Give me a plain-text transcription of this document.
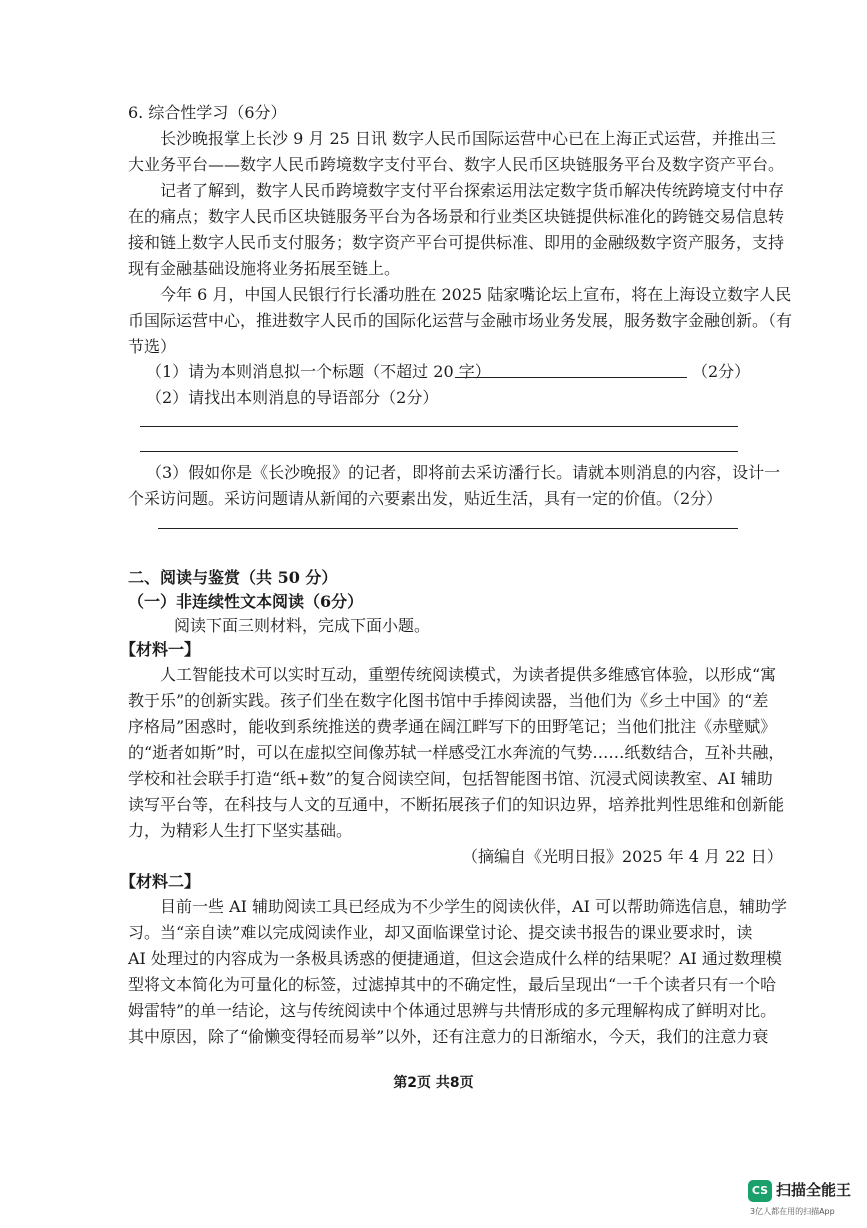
6. 综合性学习（6分）
长沙晚报掌上长沙 9 月 25 日讯 数字人民币国际运营中心已在上海正式运营，并推出三
大业务平台——数字人民币跨境数字支付平台、数字人民币区块链服务平台及数字资产平台。
记者了解到，数字人民币跨境数字支付平台探索运用法定数字货币解决传统跨境支付中存
在的痛点；数字人民币区块链服务平台为各场景和行业类区块链提供标准化的跨链交易信息转
接和链上数字人民币支付服务；数字资产平台可提供标准、即用的金融级数字资产服务，支持
现有金融基础设施将业务拓展至链上。
今年 6 月，中国人民银行行长潘功胜在 2025 陆家嘴论坛上宣布，将在上海设立数字人民
币国际运营中心，推进数字人民币的国际化运营与金融市场业务发展，服务数字金融创新。（有
节选）
（1）请为本则消息拟一个标题（不超过 20 字）	（2分）
（2）请找出本则消息的导语部分（2分）
（3）假如你是《长沙晚报》的记者，即将前去采访潘行长。请就本则消息的内容，设计一
个采访问题。采访问题请从新闻的六要素出发，贴近生活，具有一定的价值。（2分）
二、阅读与鉴赏（共 50 分）
（一）非连续性文本阅读（6分）
阅读下面三则材料，完成下面小题。
【材料一】
人工智能技术可以实时互动，重塑传统阅读模式，为读者提供多维感官体验，以形成“寓
教于乐”的创新实践。孩子们坐在数字化图书馆中手捧阅读器，当他们为《乡土中国》的“差
序格局”困惑时，能收到系统推送的费孝通在阔江畔写下的田野笔记；当他们批注《赤壁赋》
的“逝者如斯”时，可以在虚拟空间像苏轼一样感受江水奔流的气势……纸数结合，互补共融，
学校和社会联手打造“纸+数”的复合阅读空间，包括智能图书馆、沉浸式阅读教室、AI 辅助
读写平台等，在科技与人文的互通中，不断拓展孩子们的知识边界，培养批判性思维和创新能
力，为精彩人生打下坚实基础。
（摘编自《光明日报》2025 年 4 月 22 日）
【材料二】
目前一些 AI 辅助阅读工具已经成为不少学生的阅读伙伴，AI 可以帮助筛选信息，辅助学
习。当“亲自读”难以完成阅读作业，却又面临课堂讨论、提交读书报告的课业要求时，读
AI 处理过的内容成为一条极具诱惑的便捷通道，但这会造成什么样的结果呢？AI 通过数理模
型将文本简化为可量化的标签，过滤掉其中的不确定性，最后呈现出“一千个读者只有一个哈
姆雷特”的单一结论，这与传统阅读中个体通过思辨与共情形成的多元理解构成了鲜明对比。
其中原因，除了“偷懒变得轻而易举”以外，还有注意力的日渐缩水，今天，我们的注意力衰
第2页 共8页
CS 扫描全能王
3亿人都在用的扫描App
